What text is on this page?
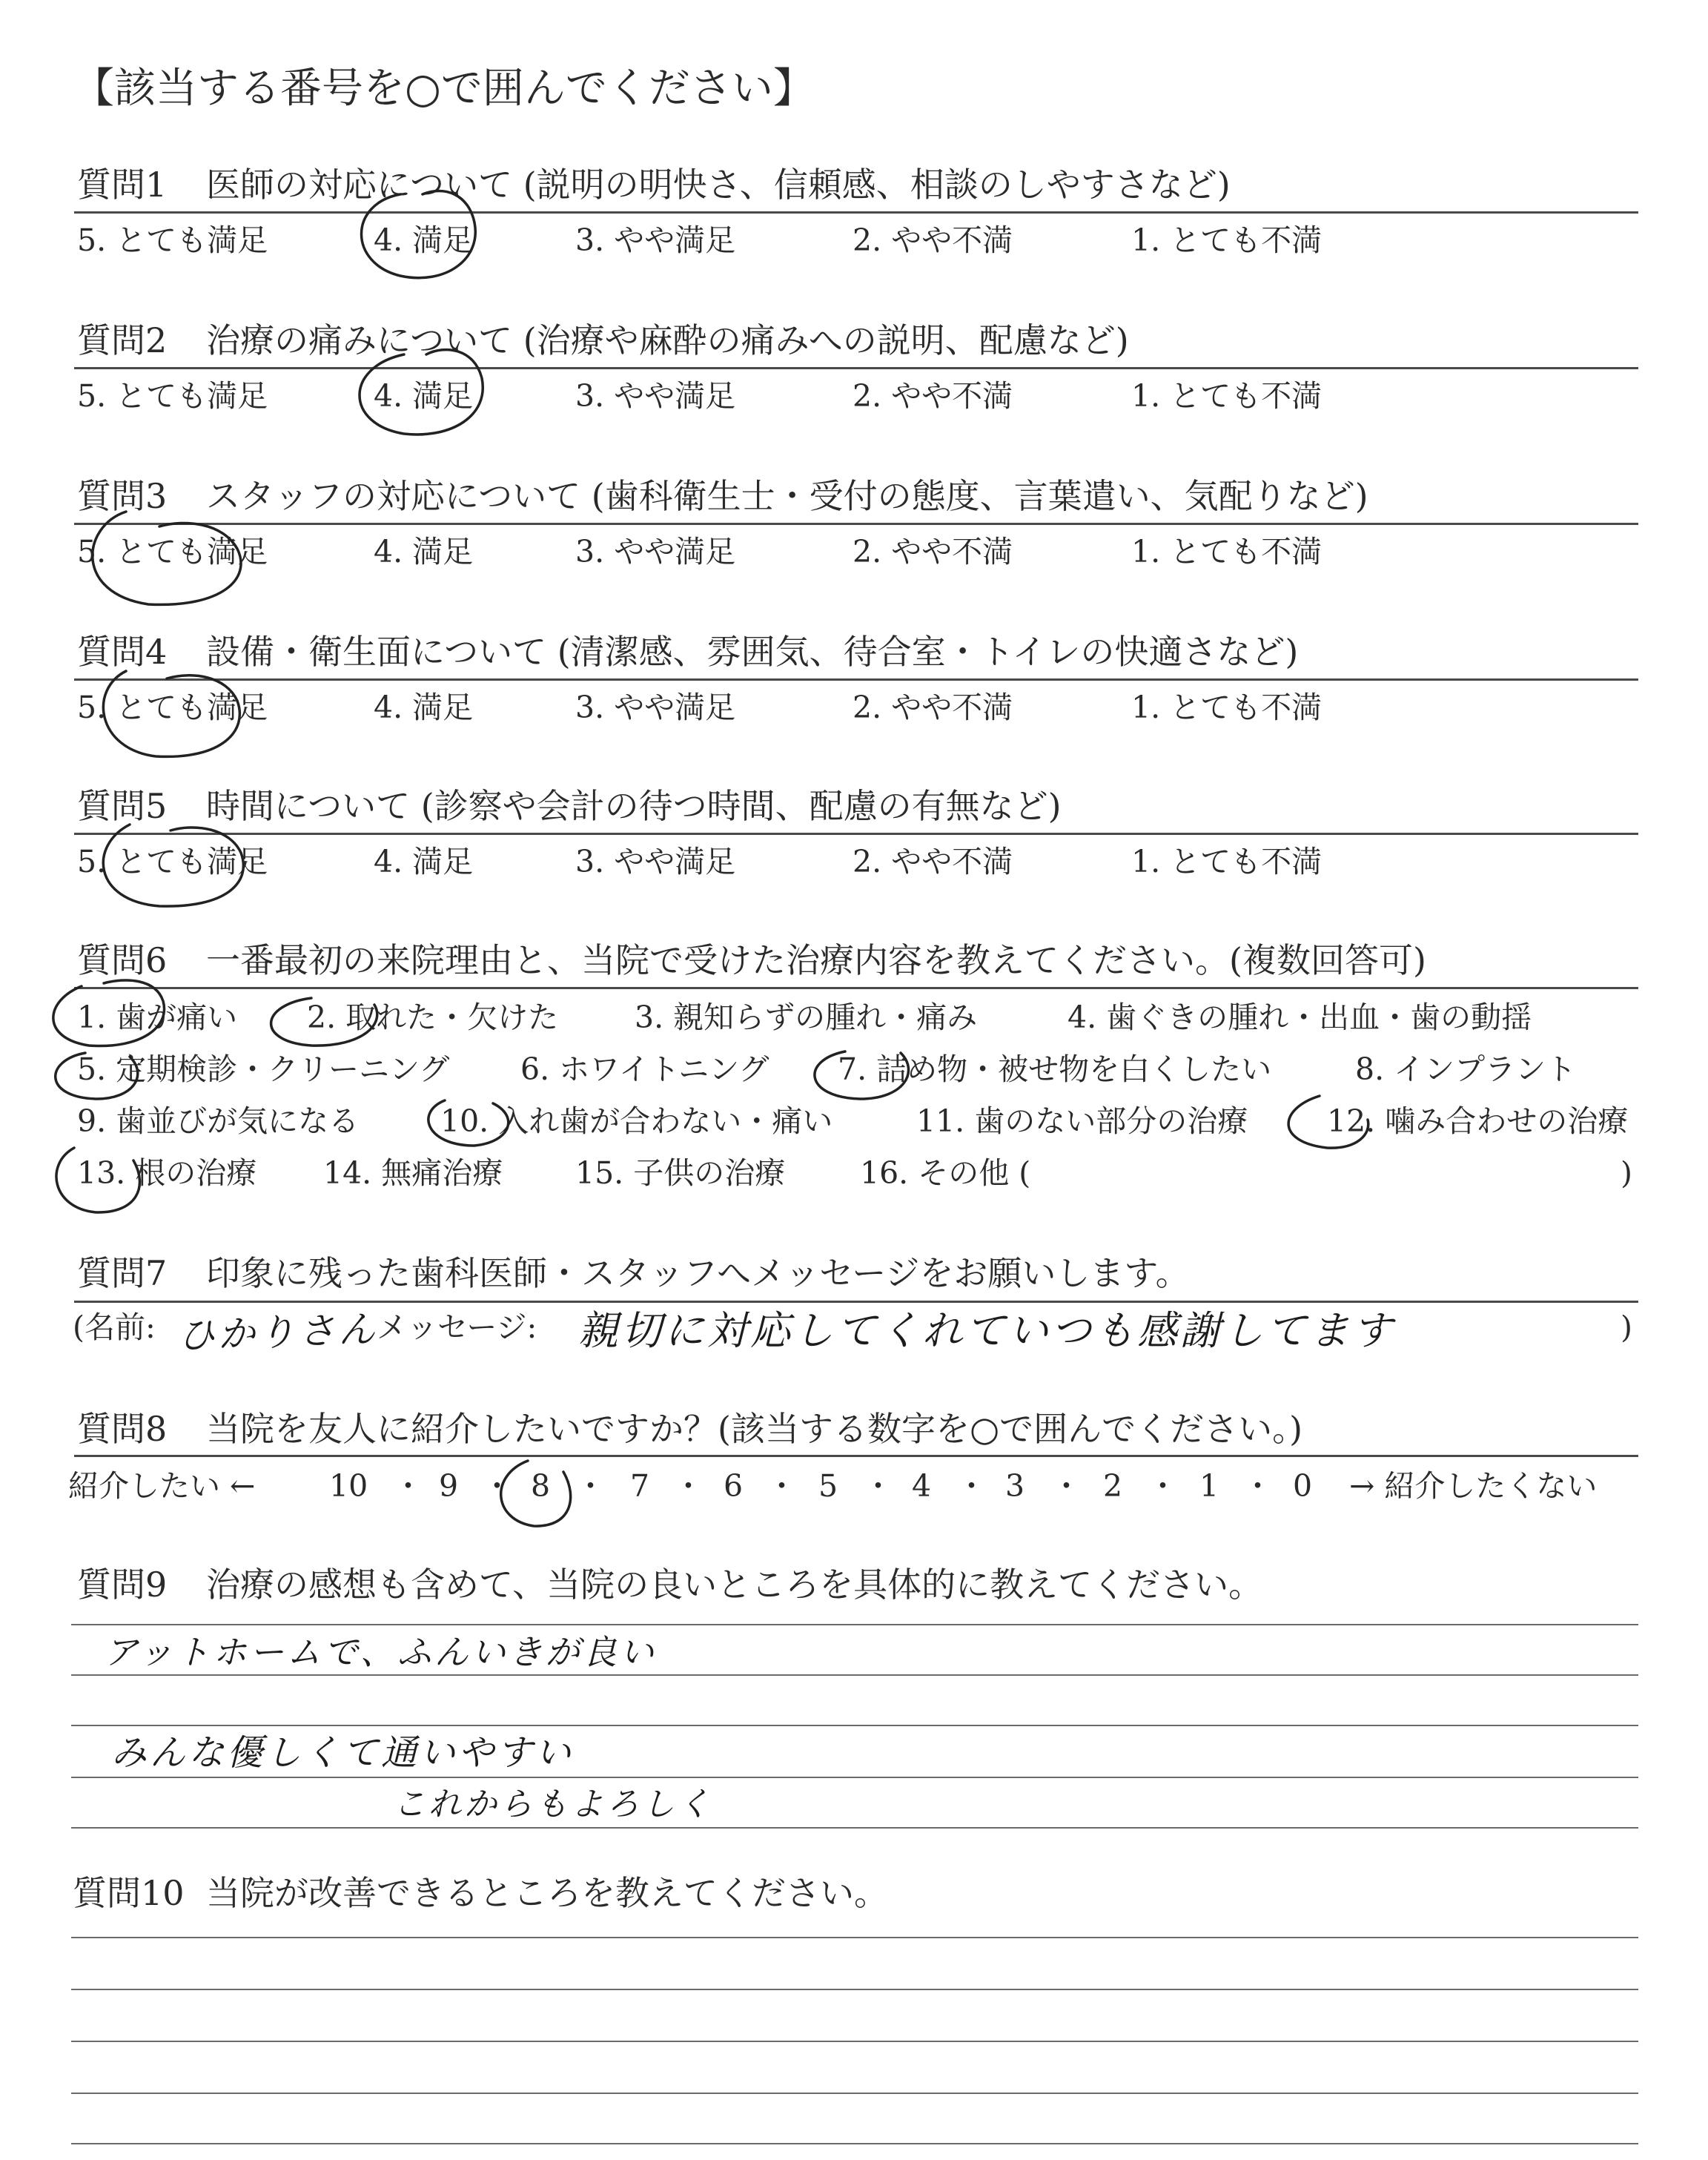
【該当する番号を○で囲んでください】
質問1 医師の対応について (説明の明快さ、信頼感、相談のしやすさなど)
5. とても満足	4. 満足	3. やや満足	2. やや不満	1. とても不満
質問2 治療の痛みについて (治療や麻酔の痛みへの説明、配慮など)
5. とても満足	4. 満足	3. やや満足	2. やや不満	1. とても不満
質問3 スタッフの対応について (歯科衛生士・受付の態度、言葉遣い、気配りなど)
5. とても満足	4. 満足	3. やや満足	2. やや不満	1. とても不満
質問4 設備・衛生面について (清潔感、雰囲気、待合室・トイレの快適さなど)
5. とても満足	4. 満足	3. やや満足	2. やや不満	1. とても不満
質問5 時間について (診察や会計の待つ時間、配慮の有無など)
5. とても満足	4. 満足	3. やや満足	2. やや不満	1. とても不満
質問6 一番最初の来院理由と、当院で受けた治療内容を教えてください。(複数回答可)
1. 歯が痛い 2. 取れた・欠けた	3. 親知らずの腫れ・痛み	4. 歯ぐきの腫れ・出血・歯の動揺
5. 定期検診・クリーニング 6. ホワイトニング 7. 詰め物・被せ物を白くしたい	8. インプラント
9. 歯並びが気になる	10. 入れ歯が合わない・痛い	11. 歯のない部分の治療	12. 噛み合わせの治療
13. 根の治療 14. 無痛治療 15. 子供の治療 16. その他 (	)
質問7 印象に残った歯科医師・スタッフへメッセージをお願いします。
(名前: ひかりさん
メッセージ: 親切に対応してくれていつも感謝してます	)
質問8 当院を友人に紹介したいですか？(該当する数字を○で囲んでください。)
紹介したい ← 10 ・ 9 ・ 8 ・ 7 ・ 6 ・ 5 ・ 4 ・ 3 ・ 2 ・ 1 ・ 0 → 紹介したくない
質問9 治療の感想も含めて、当院の良いところを具体的に教えてください。
アットホームで、ふんいきが良い
みんな優しくて通いやすい
これからもよろしく
質問10 当院が改善できるところを教えてください。
